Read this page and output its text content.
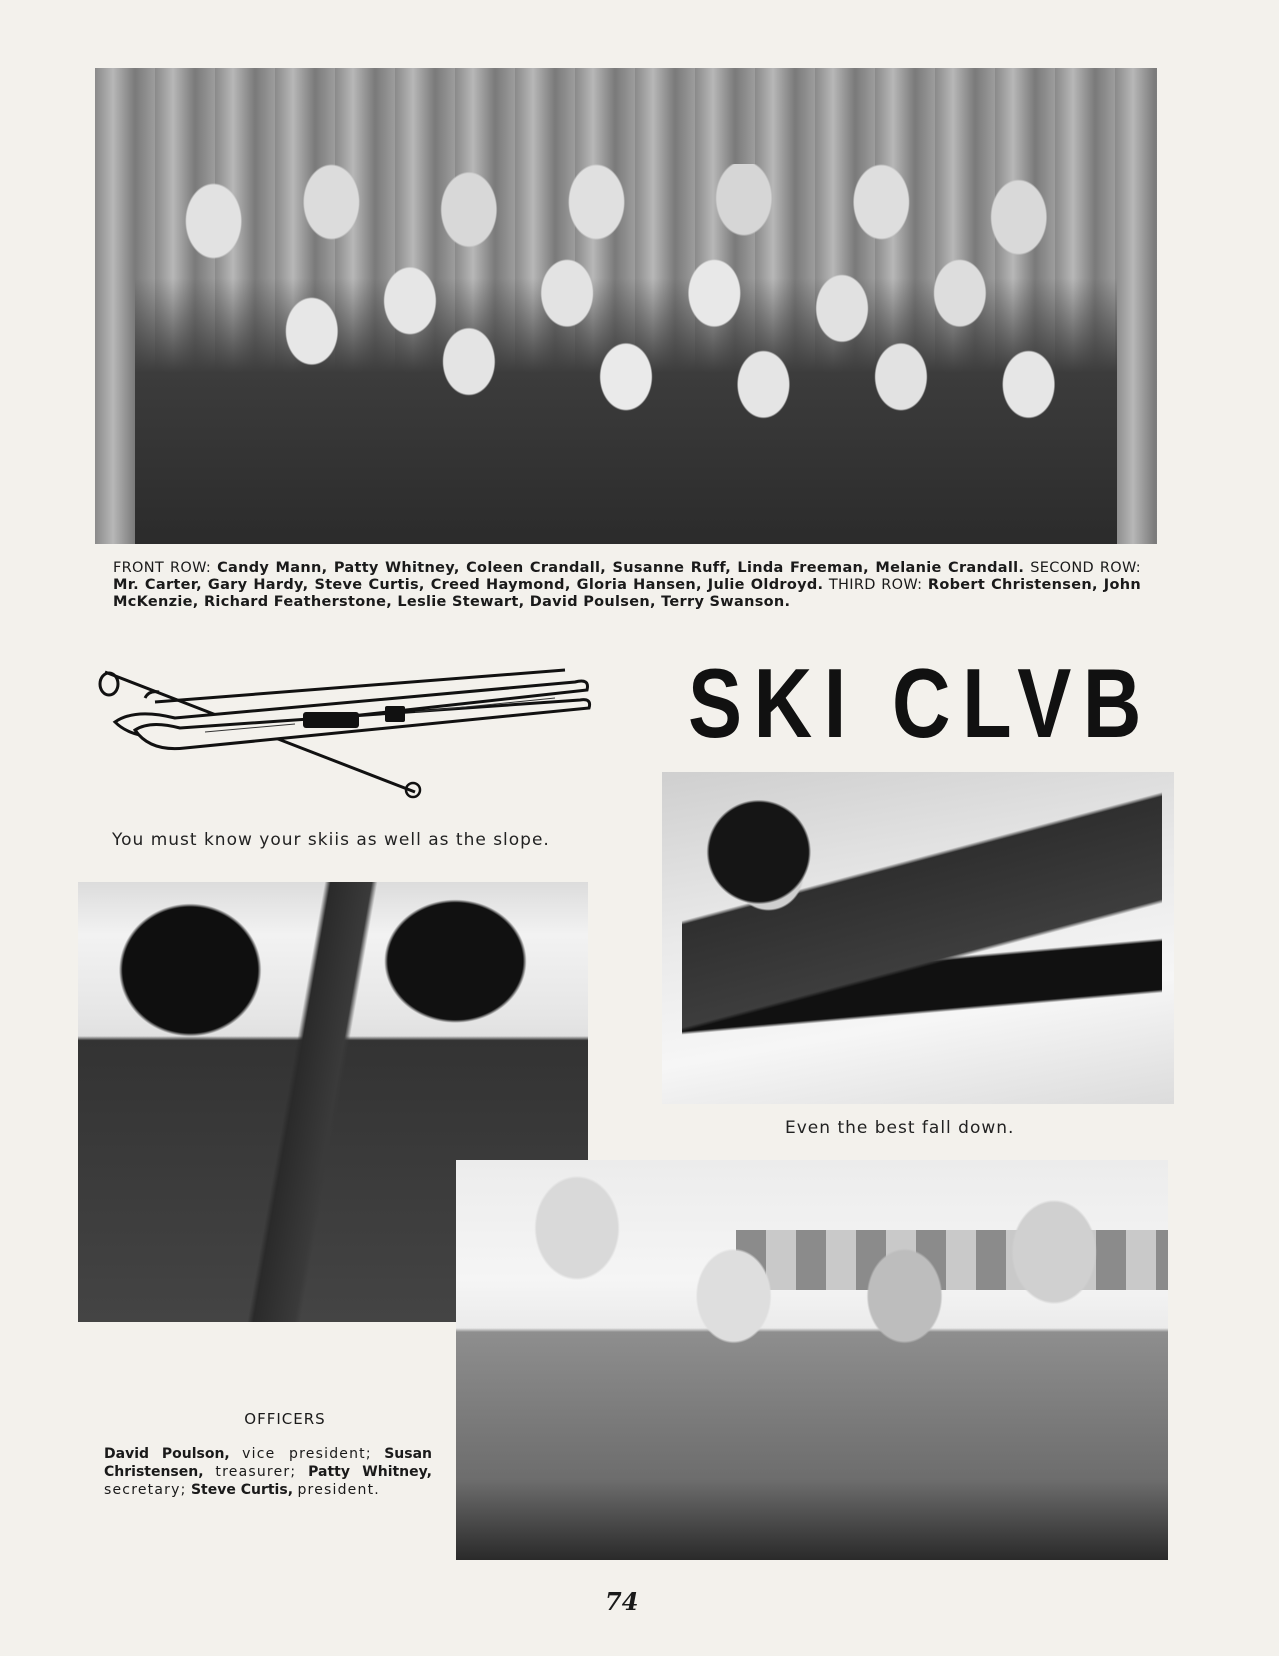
FRONT ROW: Candy Mann, Patty Whitney, Coleen Crandall, Susanne Ruff, Linda Freeman, Melanie Crandall. SECOND ROW: Mr. Carter, Gary Hardy, Steve Curtis, Creed Haymond, Gloria Hansen, Julie Oldroyd. THIRD ROW: Robert Christensen, John McKenzie, Richard Featherstone, Leslie Stewart, David Poulsen, Terry Swanson.
SKI CLVB
You must know your skiis as well as the slope.
Even the best fall down.
OFFICERS
David Poulson, vice president; Susan Christensen, treasurer; Patty Whitney, secretary; Steve Curtis, president.
74
